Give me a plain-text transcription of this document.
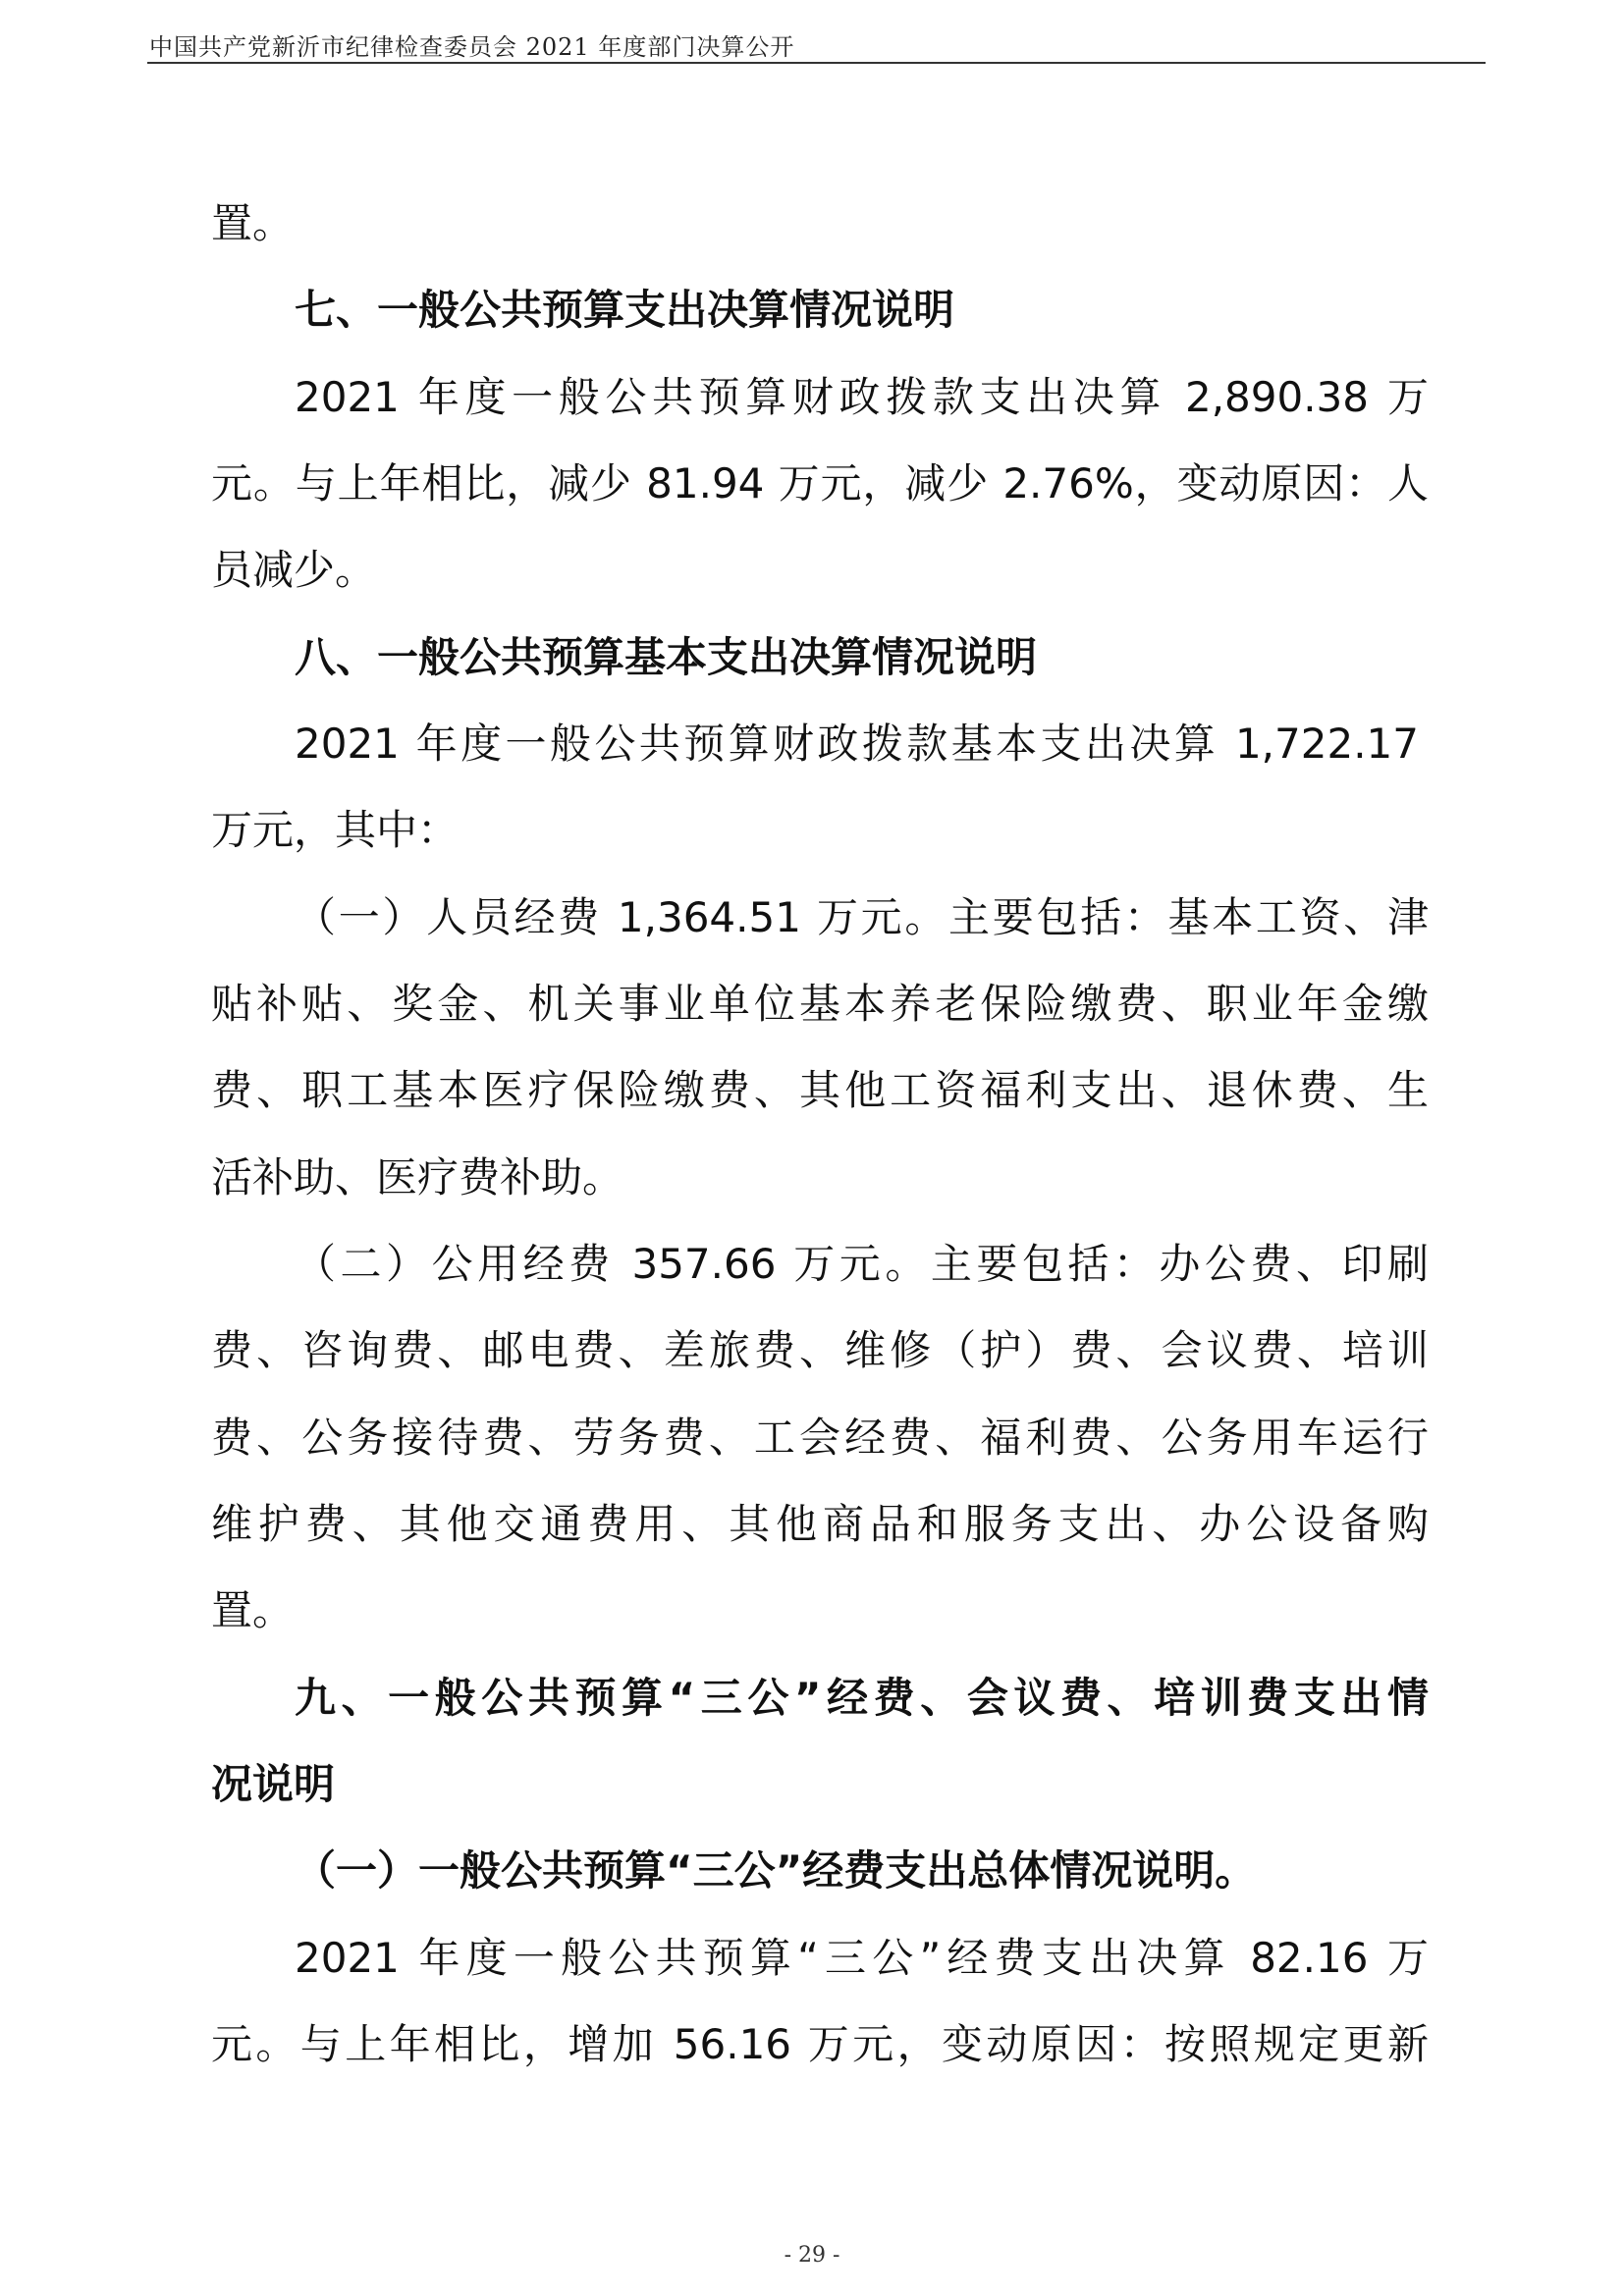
中国共产党新沂市纪律检查委员会 2021 年度部门决算公开
置。
七、一般公共预算支出决算情况说明
2021 年度一般公共预算财政拨款支出决算 2,890.38 万
元。与上年相比，减少 81.94 万元，减少 2.76%，变动原因：人
员减少。
八、一般公共预算基本支出决算情况说明
2021 年度一般公共预算财政拨款基本支出决算 1,722.17
万元，其中：
（一）人员经费 1,364.51 万元。主要包括：基本工资、津
贴补贴、奖金、机关事业单位基本养老保险缴费、职业年金缴
费、职工基本医疗保险缴费、其他工资福利支出、退休费、生
活补助、医疗费补助。
（二）公用经费 357.66 万元。主要包括：办公费、印刷
费、咨询费、邮电费、差旅费、维修（护）费、会议费、培训
费、公务接待费、劳务费、工会经费、福利费、公务用车运行
维护费、其他交通费用、其他商品和服务支出、办公设备购
置。
九、一般公共预算“三公”经费、会议费、培训费支出情
况说明
（一）一般公共预算“三公”经费支出总体情况说明。
2021 年度一般公共预算“三公”经费支出决算 82.16 万
元。与上年相比，增加 56.16 万元，变动原因：按照规定更新
- 29 -
